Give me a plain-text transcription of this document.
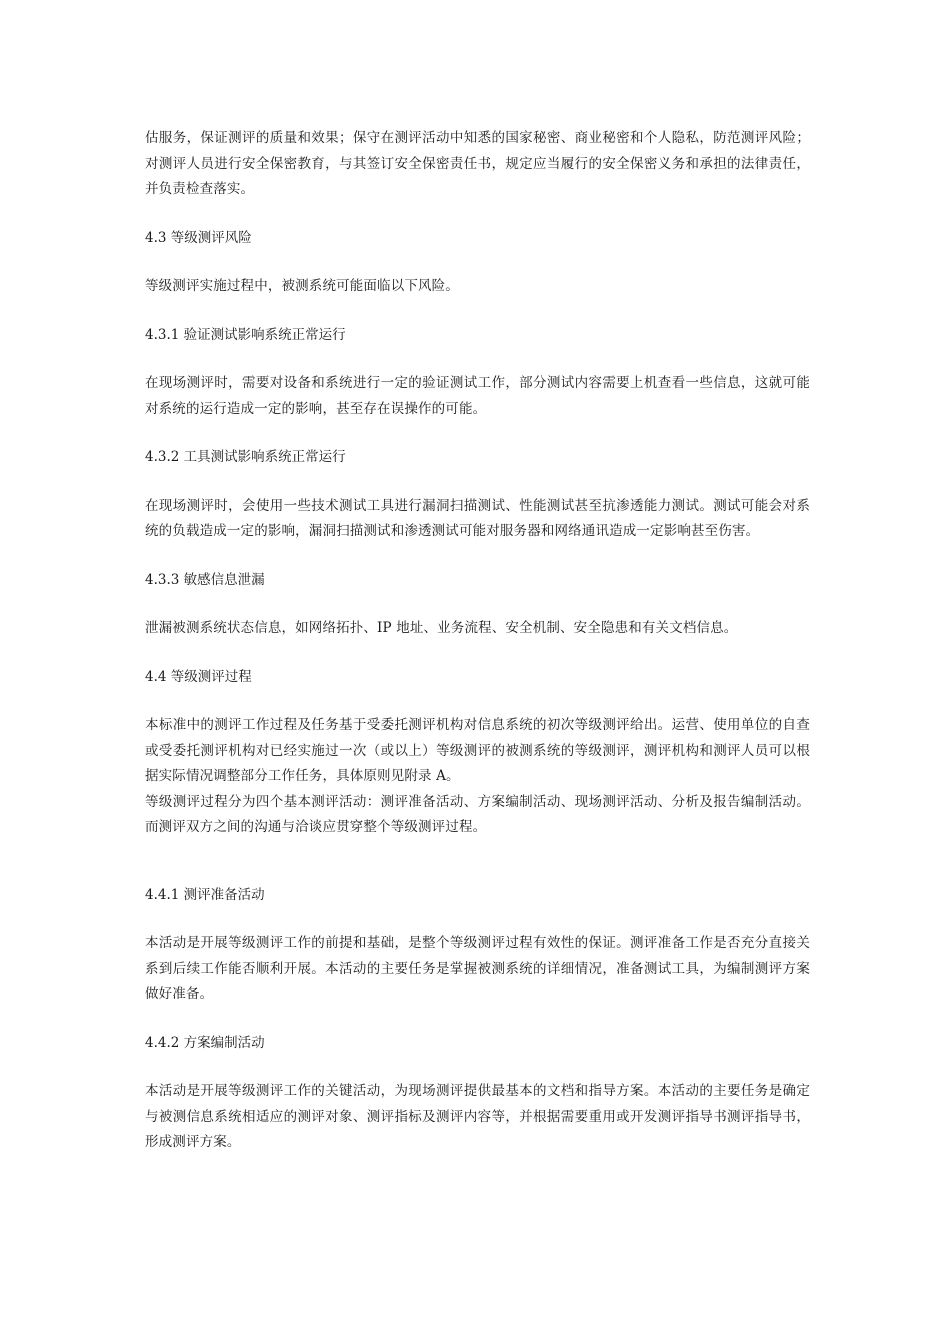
估服务，保证测评的质量和效果；保守在测评活动中知悉的国家秘密、商业秘密和个人隐私，防范测评风险；对测评人员进行安全保密教育，与其签订安全保密责任书，规定应当履行的安全保密义务和承担的法律责任，并负责检查落实。

4.3 等级测评风险

等级测评实施过程中，被测系统可能面临以下风险。

4.3.1 验证测试影响系统正常运行

在现场测评时，需要对设备和系统进行一定的验证测试工作，部分测试内容需要上机查看一些信息，这就可能对系统的运行造成一定的影响，甚至存在误操作的可能。

4.3.2 工具测试影响系统正常运行

在现场测评时，会使用一些技术测试工具进行漏洞扫描测试、性能测试甚至抗渗透能力测试。测试可能会对系统的负载造成一定的影响，漏洞扫描测试和渗透测试可能对服务器和网络通讯造成一定影响甚至伤害。

4.3.3 敏感信息泄漏

泄漏被测系统状态信息，如网络拓扑、IP 地址、业务流程、安全机制、安全隐患和有关文档信息。

4.4 等级测评过程

本标准中的测评工作过程及任务基于受委托测评机构对信息系统的初次等级测评给出。运营、使用单位的自查或受委托测评机构对已经实施过一次（或以上）等级测评的被测系统的等级测评，测评机构和测评人员可以根据实际情况调整部分工作任务，具体原则见附录 A。

等级测评过程分为四个基本测评活动：测评准备活动、方案编制活动、现场测评活动、分析及报告编制活动。而测评双方之间的沟通与洽谈应贯穿整个等级测评过程。

4.4.1 测评准备活动

本活动是开展等级测评工作的前提和基础，是整个等级测评过程有效性的保证。测评准备工作是否充分直接关系到后续工作能否顺利开展。本活动的主要任务是掌握被测系统的详细情况，准备测试工具，为编制测评方案做好准备。

4.4.2 方案编制活动

本活动是开展等级测评工作的关键活动，为现场测评提供最基本的文档和指导方案。本活动的主要任务是确定与被测信息系统相适应的测评对象、测评指标及测评内容等，并根据需要重用或开发测评指导书测评指导书，形成测评方案。
